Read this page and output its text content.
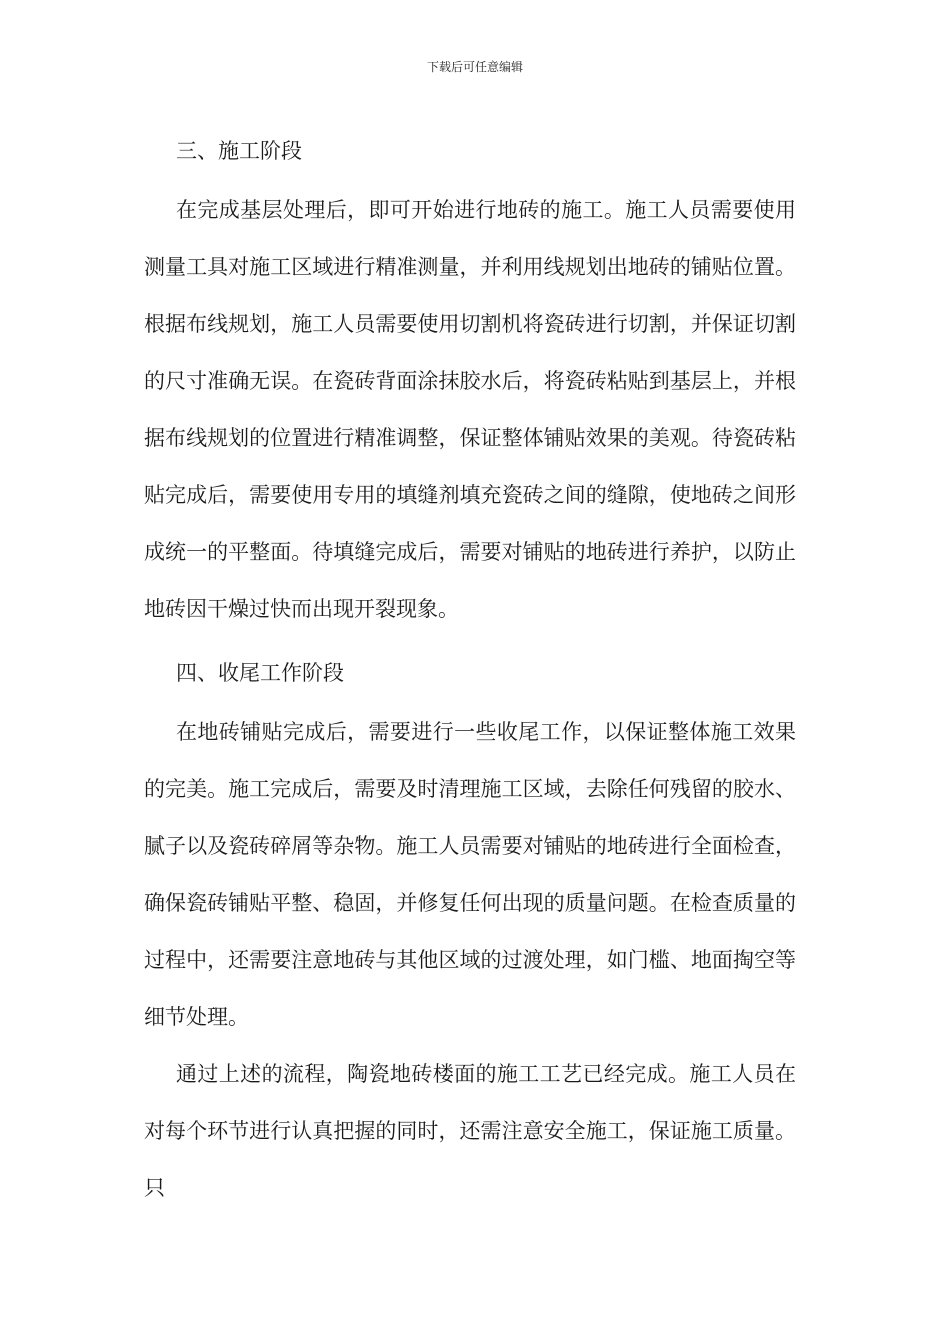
下载后可任意编辑

三、施工阶段

在完成基层处理后，即可开始进行地砖的施工。施工人员需要使用测量工具对施工区域进行精准测量，并利用线规划出地砖的铺贴位置。根据布线规划，施工人员需要使用切割机将瓷砖进行切割，并保证切割的尺寸准确无误。在瓷砖背面涂抹胶水后，将瓷砖粘贴到基层上，并根据布线规划的位置进行精准调整，保证整体铺贴效果的美观。待瓷砖粘贴完成后，需要使用专用的填缝剂填充瓷砖之间的缝隙，使地砖之间形成统一的平整面。待填缝完成后，需要对铺贴的地砖进行养护，以防止地砖因干燥过快而出现开裂现象。

四、收尾工作阶段

在地砖铺贴完成后，需要进行一些收尾工作，以保证整体施工效果的完美。施工完成后，需要及时清理施工区域，去除任何残留的胶水、腻子以及瓷砖碎屑等杂物。施工人员需要对铺贴的地砖进行全面检查，确保瓷砖铺贴平整、稳固，并修复任何出现的质量问题。在检查质量的过程中，还需要注意地砖与其他区域的过渡处理，如门槛、地面掏空等细节处理。

通过上述的流程，陶瓷地砖楼面的施工工艺已经完成。施工人员在对每个环节进行认真把握的同时，还需注意安全施工，保证施工质量。只
